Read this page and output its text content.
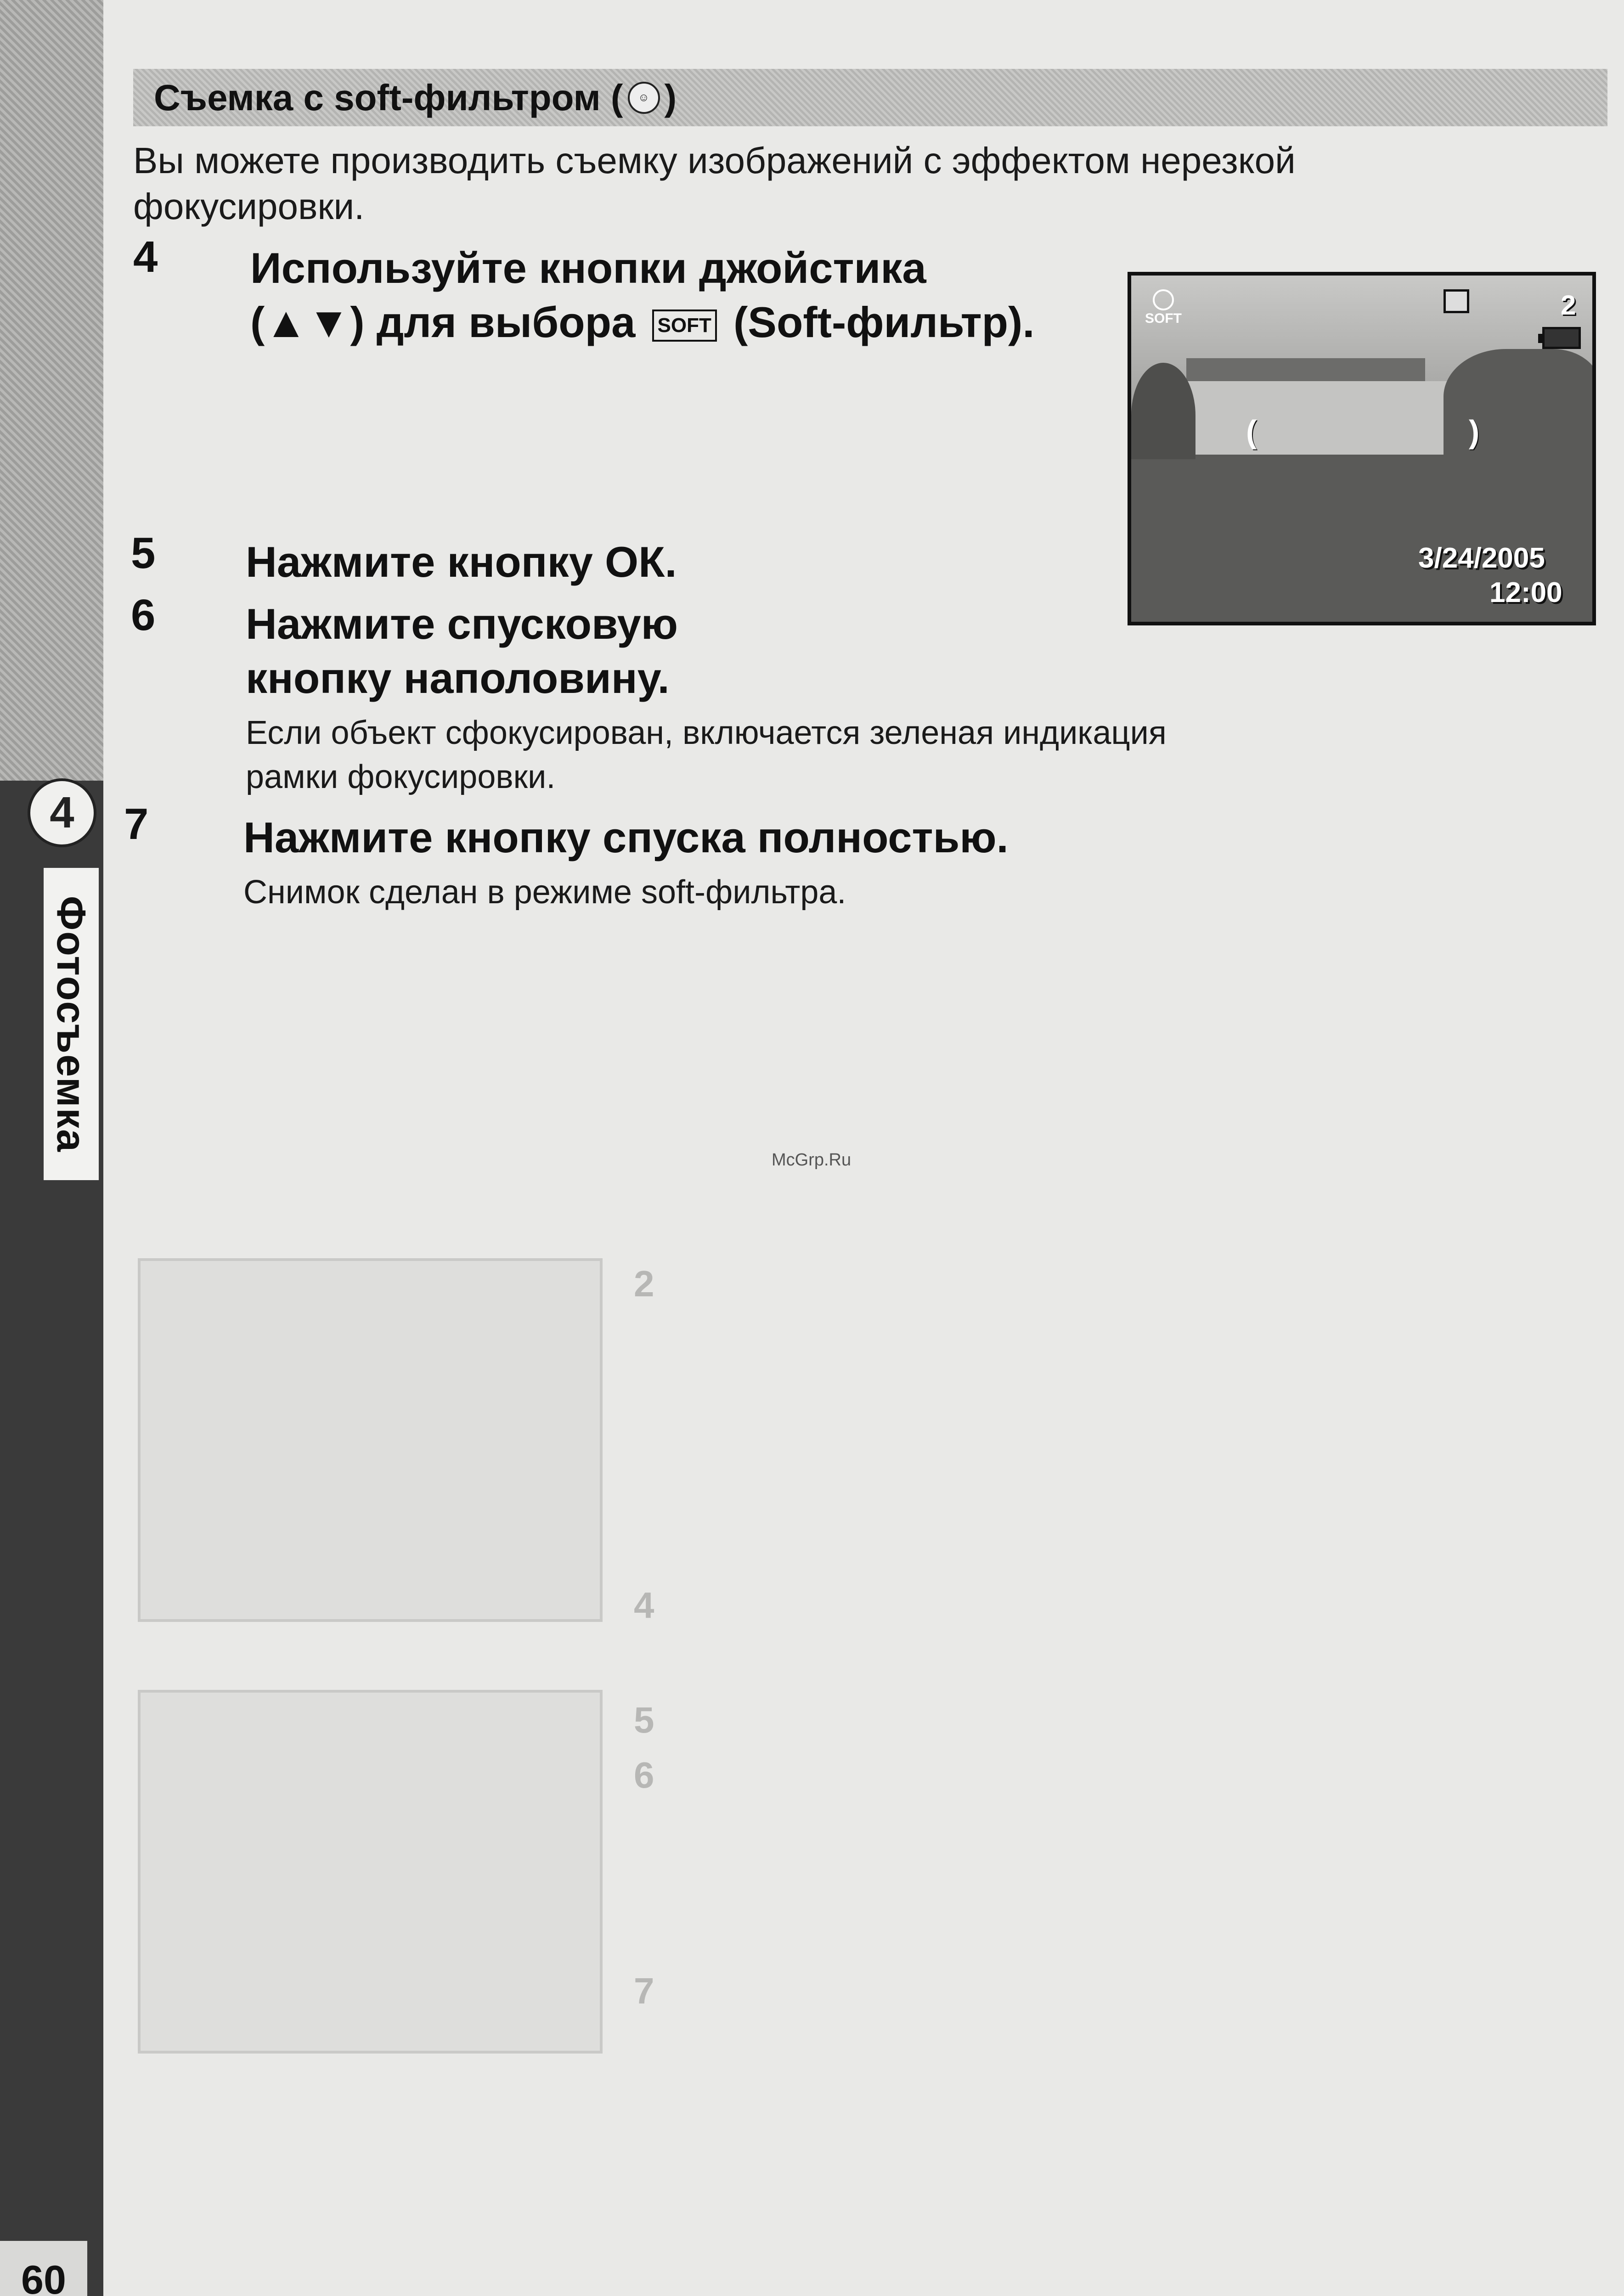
2
4
5
6
7
4
Фотосъемка
60
Съемка с soft-фильтром (	☺ )
Вы можете производить съемку изображений с эффектом нерезкой фокусировки.
4 Используйте кнопки джойстика
(▲▼) для выбора SOFT (Soft-фильтр).	SOFT	2
(	)
3/24/2005
12:00
5 Нажмите кнопку ОК.
6 Нажмите спусковую
кнопку наполовину.
Если объект сфокусирован, включается зеленая индикация
рамки фокусировки.
7 Нажмите кнопку спуска полностью.
Снимок сделан в режиме soft-фильтра.
McGrp.Ru
